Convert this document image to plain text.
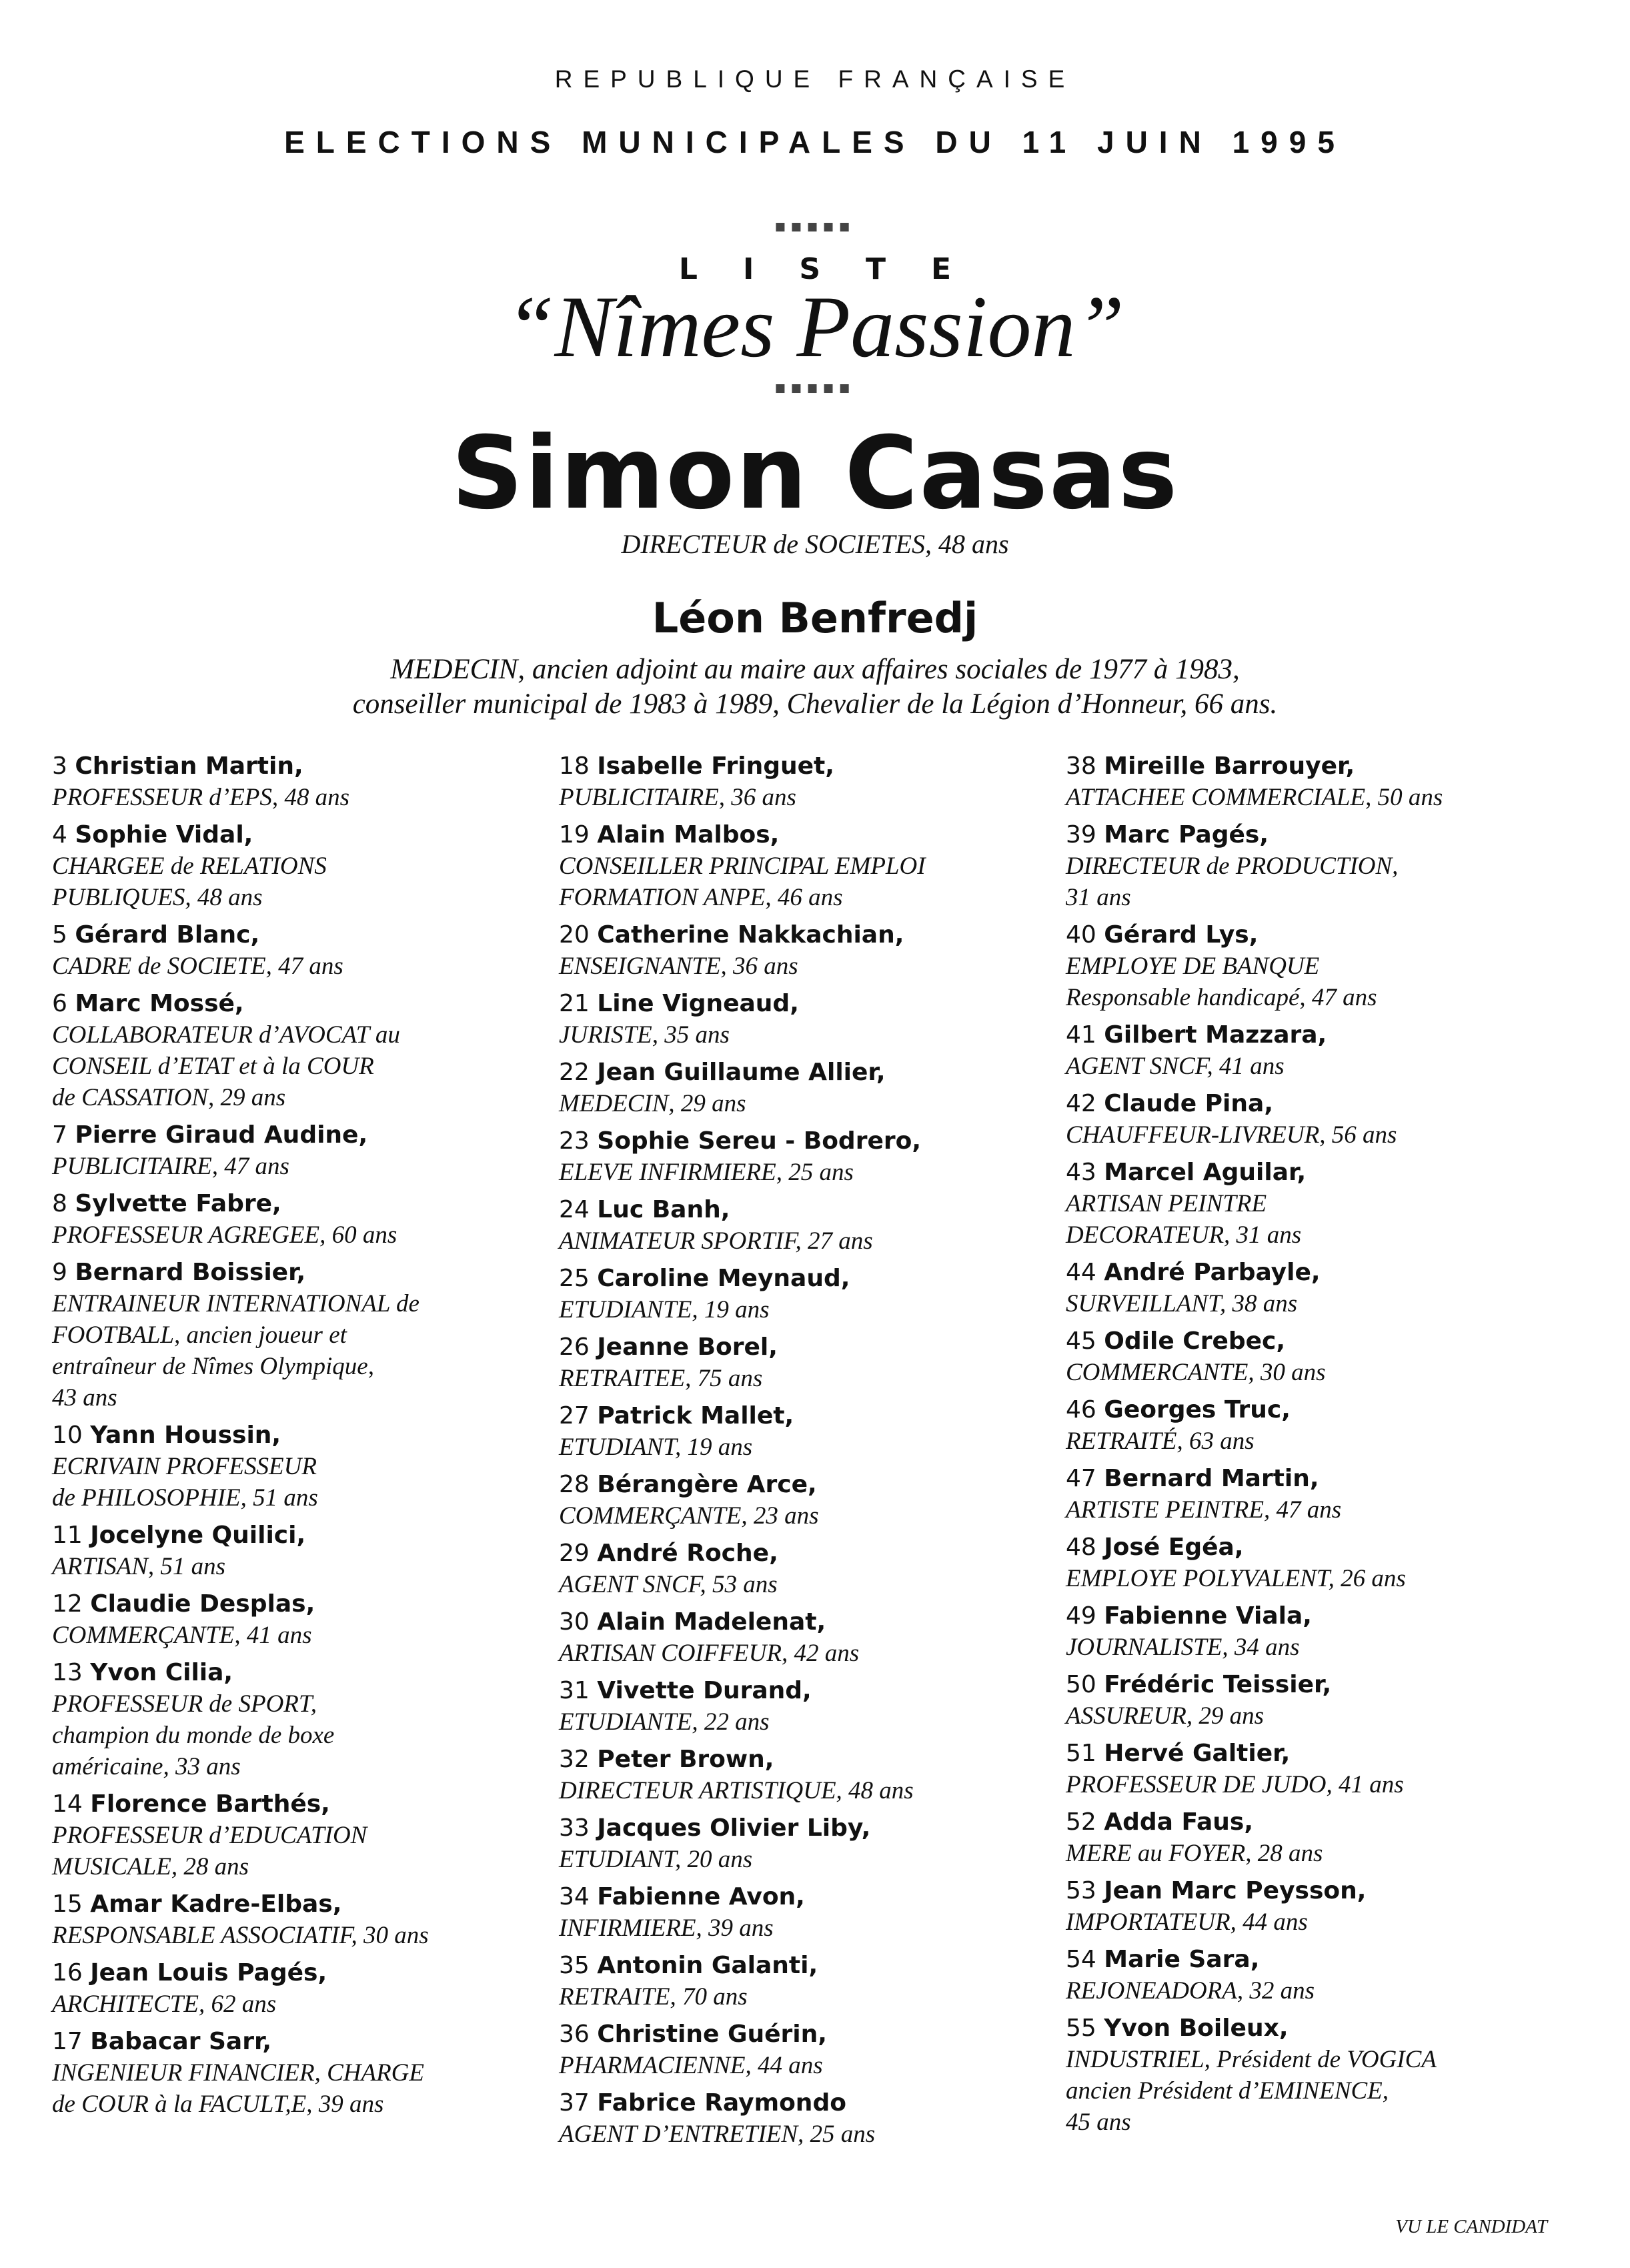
REPUBLIQUE FRANÇAISE
ELECTIONS MUNICIPALES DU 11 JUIN 1995
■■■■■
LISTE
“Nîmes Passion”
■■■■■
Simon Casas
DIRECTEUR de SOCIETES, 48 ans
Léon Benfredj
MEDECIN, ancien adjoint au maire aux affaires sociales de 1977 à 1983,
conseiller municipal de 1983 à 1989, Chevalier de la Légion d’Honneur, 66 ans.
3 Christian Martin,
PROFESSEUR d’EPS, 48 ans
4 Sophie Vidal,
CHARGEE de RELATIONS
PUBLIQUES, 48 ans
5 Gérard Blanc,
CADRE de SOCIETE, 47 ans
6 Marc Mossé,
COLLABORATEUR d’AVOCAT au
CONSEIL d’ETAT et à la COUR
de CASSATION, 29 ans
7 Pierre Giraud Audine,
PUBLICITAIRE, 47 ans
8 Sylvette Fabre,
PROFESSEUR AGREGEE, 60 ans
9 Bernard Boissier,
ENTRAINEUR INTERNATIONAL de
FOOTBALL, ancien joueur et
entraîneur de Nîmes Olympique,
43 ans
10 Yann Houssin,
ECRIVAIN PROFESSEUR
de PHILOSOPHIE, 51 ans
11 Jocelyne Quilici,
ARTISAN, 51 ans
12 Claudie Desplas,
COMMERÇANTE, 41 ans
13 Yvon Cilia,
PROFESSEUR de SPORT,
champion du monde de boxe
américaine, 33 ans
14 Florence Barthés,
PROFESSEUR d’EDUCATION
MUSICALE, 28 ans
15 Amar Kadre-Elbas,
RESPONSABLE ASSOCIATIF, 30 ans
16 Jean Louis Pagés,
ARCHITECTE, 62 ans
17 Babacar Sarr,
INGENIEUR FINANCIER, CHARGE
de COUR à la FACULT,E, 39 ans
18 Isabelle Fringuet,
PUBLICITAIRE, 36 ans
19 Alain Malbos,
CONSEILLER PRINCIPAL EMPLOI
FORMATION ANPE, 46 ans
20 Catherine Nakkachian,
ENSEIGNANTE, 36 ans
21 Line Vigneaud,
JURISTE, 35 ans
22 Jean Guillaume Allier,
MEDECIN, 29 ans
23 Sophie Sereu - Bodrero,
ELEVE INFIRMIERE, 25 ans
24 Luc Banh,
ANIMATEUR SPORTIF, 27 ans
25 Caroline Meynaud,
ETUDIANTE, 19 ans
26 Jeanne Borel,
RETRAITEE, 75 ans
27 Patrick Mallet,
ETUDIANT, 19 ans
28 Bérangère Arce,
COMMERÇANTE, 23 ans
29 André Roche,
AGENT SNCF, 53 ans
30 Alain Madelenat,
ARTISAN COIFFEUR, 42 ans
31 Vivette Durand,
ETUDIANTE, 22 ans
32 Peter Brown,
DIRECTEUR ARTISTIQUE, 48 ans
33 Jacques Olivier Liby,
ETUDIANT, 20 ans
34 Fabienne Avon,
INFIRMIERE, 39 ans
35 Antonin Galanti,
RETRAITE, 70 ans
36 Christine Guérin,
PHARMACIENNE, 44 ans
37 Fabrice Raymondo
AGENT D’ENTRETIEN, 25 ans
38 Mireille Barrouyer,
ATTACHEE COMMERCIALE, 50 ans
39 Marc Pagés,
DIRECTEUR de PRODUCTION,
31 ans
40 Gérard Lys,
EMPLOYE DE BANQUE
Responsable handicapé, 47 ans
41 Gilbert Mazzara,
AGENT SNCF, 41 ans
42 Claude Pina,
CHAUFFEUR-LIVREUR, 56 ans
43 Marcel Aguilar,
ARTISAN PEINTRE
DECORATEUR, 31 ans
44 André Parbayle,
SURVEILLANT, 38 ans
45 Odile Crebec,
COMMERCANTE, 30 ans
46 Georges Truc,
RETRAITÉ, 63 ans
47 Bernard Martin,
ARTISTE PEINTRE, 47 ans
48 José Egéa,
EMPLOYE POLYVALENT, 26 ans
49 Fabienne Viala,
JOURNALISTE, 34 ans
50 Frédéric Teissier,
ASSUREUR, 29 ans
51 Hervé Galtier,
PROFESSEUR DE JUDO, 41 ans
52 Adda Faus,
MERE au FOYER, 28 ans
53 Jean Marc Peysson,
IMPORTATEUR, 44 ans
54 Marie Sara,
REJONEADORA, 32 ans
55 Yvon Boileux,
INDUSTRIEL, Président de VOGICA
ancien Président d’EMINENCE,
45 ans
VU LE CANDIDAT
